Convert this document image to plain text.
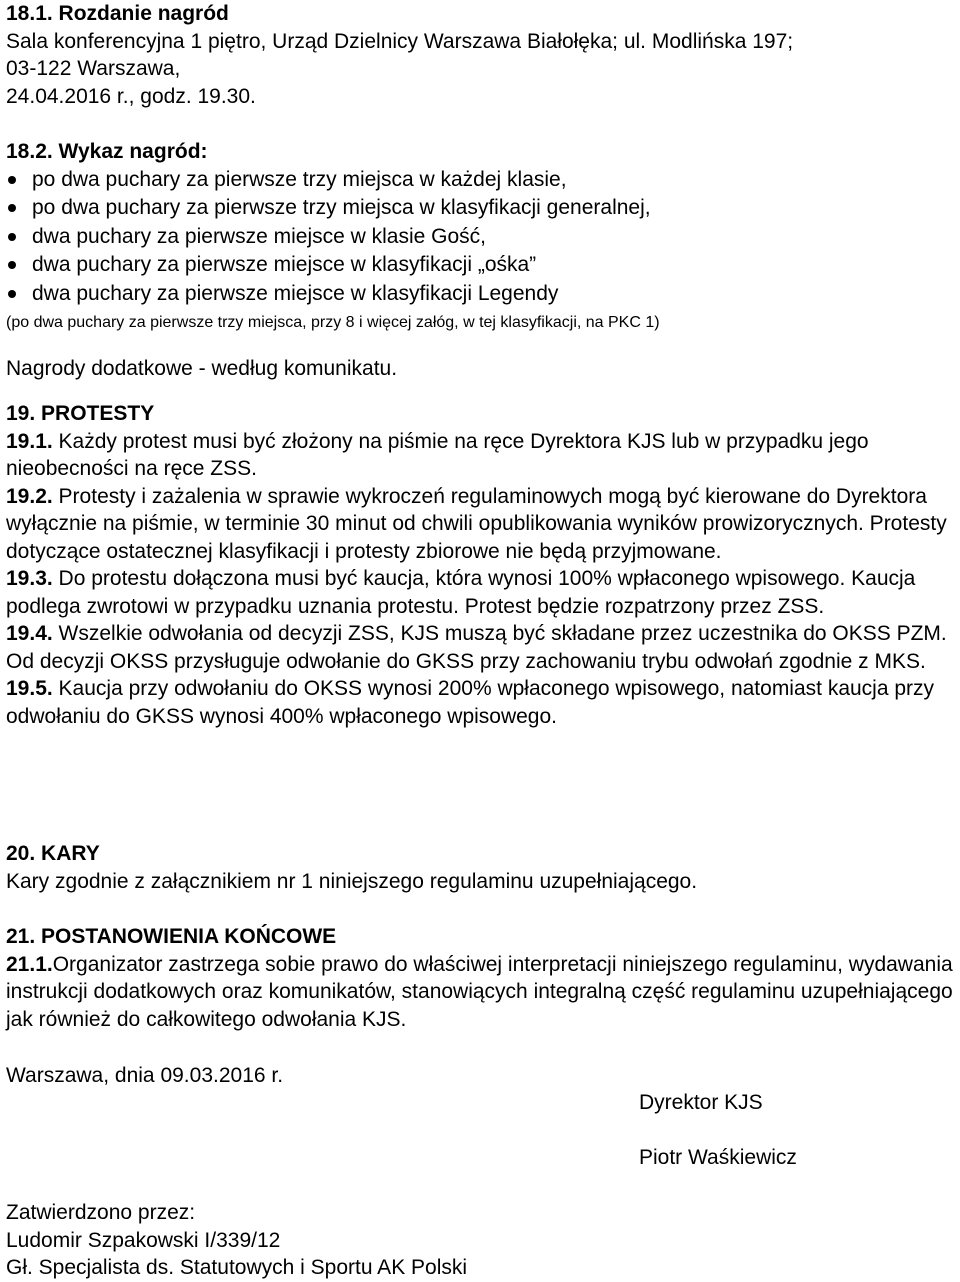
18.1. Rozdanie nagród

Sala konferencyjna 1 piętro, Urząd Dzielnicy Warszawa Białołęka; ul. Modlińska 197;

03-122 Warszawa,

24.04.2016 r., godz. 19.30.

18.2. Wykaz nagród:

po dwa puchary za pierwsze trzy miejsca w każdej klasie,
po dwa puchary za pierwsze trzy miejsca w klasyfikacji generalnej,
dwa puchary za pierwsze miejsce w klasie Gość,
dwa puchary za pierwsze miejsce w klasyfikacji „ośka”
dwa puchary za pierwsze miejsce w klasyfikacji Legendy

(po dwa puchary za pierwsze trzy miejsca, przy 8 i więcej załóg, w tej klasyfikacji, na PKC 1)

Nagrody dodatkowe - według komunikatu.

19. PROTESTY

19.1. Każdy protest musi być złożony na piśmie na ręce Dyrektora KJS lub w przypadku jego nieobecności na ręce ZSS.

19.2. Protesty i zażalenia w sprawie wykroczeń regulaminowych mogą być kierowane do Dyrektora wyłącznie na piśmie, w terminie 30 minut od chwili opublikowania wyników prowizorycznych. Protesty dotyczące ostatecznej klasyfikacji i protesty zbiorowe nie będą przyjmowane.

19.3. Do protestu dołączona musi być kaucja, która wynosi 100% wpłaconego wpisowego. Kaucja podlega zwrotowi w przypadku uznania protestu. Protest będzie rozpatrzony przez ZSS.

19.4. Wszelkie odwołania od decyzji ZSS, KJS muszą być składane przez uczestnika do OKSS PZM. Od decyzji OKSS przysługuje odwołanie do GKSS przy zachowaniu trybu odwołań zgodnie z MKS.

19.5. Kaucja przy odwołaniu do OKSS wynosi 200% wpłaconego wpisowego, natomiast kaucja przy odwołaniu do GKSS wynosi 400% wpłaconego wpisowego.

20. KARY

Kary zgodnie z załącznikiem nr 1 niniejszego regulaminu uzupełniającego.

21. POSTANOWIENIA KOŃCOWE

21.1.Organizator zastrzega sobie prawo do właściwej interpretacji niniejszego regulaminu, wydawania instrukcji dodatkowych oraz komunikatów, stanowiących integralną część regulaminu uzupełniającego jak również do całkowitego odwołania KJS.

Warszawa, dnia 09.03.2016 r.

Dyrektor KJS

Piotr Waśkiewicz

Zatwierdzono przez:

Ludomir Szpakowski I/339/12

Gł. Specjalista ds. Statutowych i Sportu AK Polski
